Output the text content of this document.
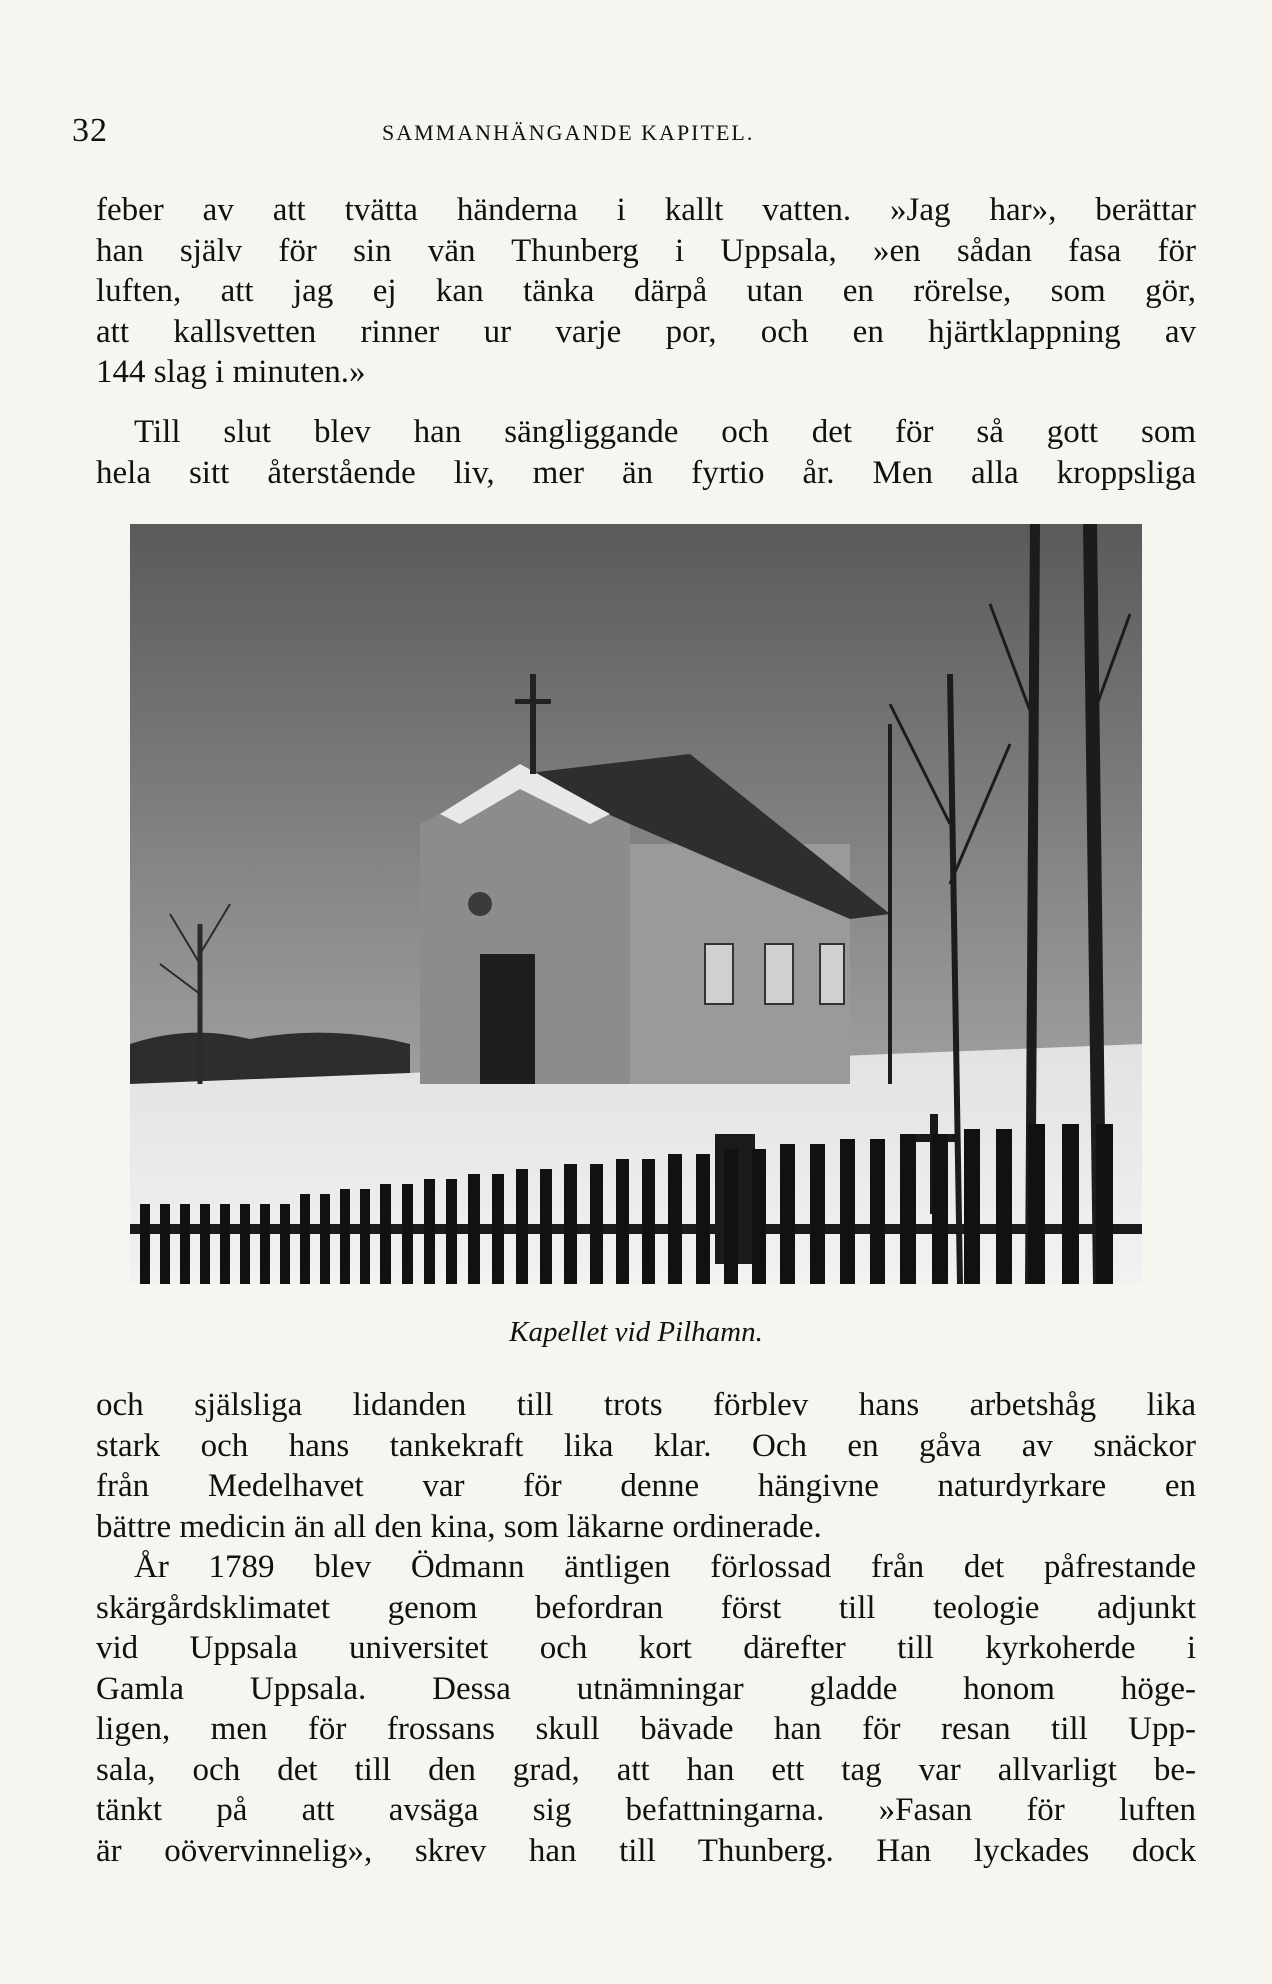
32	SAMMANHÄNGANDE KAPITEL.
feber av att tvätta händerna i kallt vatten. »Jag har», berättar
han själv för sin vän Thunberg i Uppsala, »en sådan fasa för
luften, att jag ej kan tänka därpå utan en rörelse, som gör,
att kallsvetten rinner ur varje por, och en hjärtklappning av
144 slag i minuten.»
Till slut blev han sängliggande och det för så gott som
hela sitt återstående liv, mer än fyrtio år. Men alla kroppsliga
Kapellet vid Pilhamn.
och själsliga lidanden till trots förblev hans arbetshåg lika
stark och hans tankekraft lika klar. Och en gåva av snäckor
från Medelhavet var för denne hängivne naturdyrkare en
bättre medicin än all den kina, som läkarne ordinerade.
År 1789 blev Ödmann äntligen förlossad från det påfrestande
skärgårdsklimatet genom befordran först till teologie adjunkt
vid Uppsala universitet och kort därefter till kyrkoherde i
Gamla Uppsala. Dessa utnämningar gladde honom höge-
ligen, men för frossans skull bävade han för resan till Upp-
sala, och det till den grad, att han ett tag var allvarligt be-
tänkt på att avsäga sig befattningarna. »Fasan för luften
är oövervinnelig», skrev han till Thunberg. Han lyckades dock
